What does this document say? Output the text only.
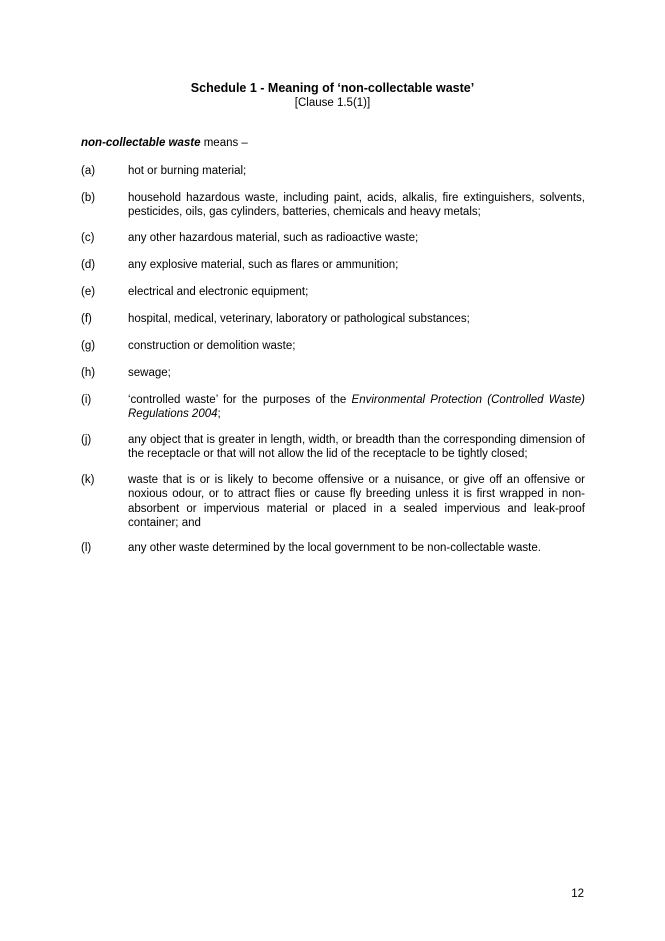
Schedule 1 - Meaning of ‘non-collectable waste’
[Clause 1.5(1)]
non-collectable waste means –
(a)	hot or burning material;
(b)	household hazardous waste, including paint, acids, alkalis, fire extinguishers, solvents, pesticides, oils, gas cylinders, batteries, chemicals and heavy metals;
(c)	any other hazardous material, such as radioactive waste;
(d)	any explosive material, such as flares or ammunition;
(e)	electrical and electronic equipment;
(f)	hospital, medical, veterinary, laboratory or pathological substances;
(g)	construction or demolition waste;
(h)	sewage;
(i)	‘controlled waste’ for the purposes of the Environmental Protection (Controlled Waste) Regulations 2004;
(j)	any object that is greater in length, width, or breadth than the corresponding dimension of the receptacle or that will not allow the lid of the receptacle to be tightly closed;
(k)	waste that is or is likely to become offensive or a nuisance, or give off an offensive or noxious odour, or to attract flies or cause fly breeding unless it is first wrapped in non-absorbent or impervious material or placed in a sealed impervious and leak-proof container; and
(l)	any other waste determined by the local government to be non-collectable waste.
12
